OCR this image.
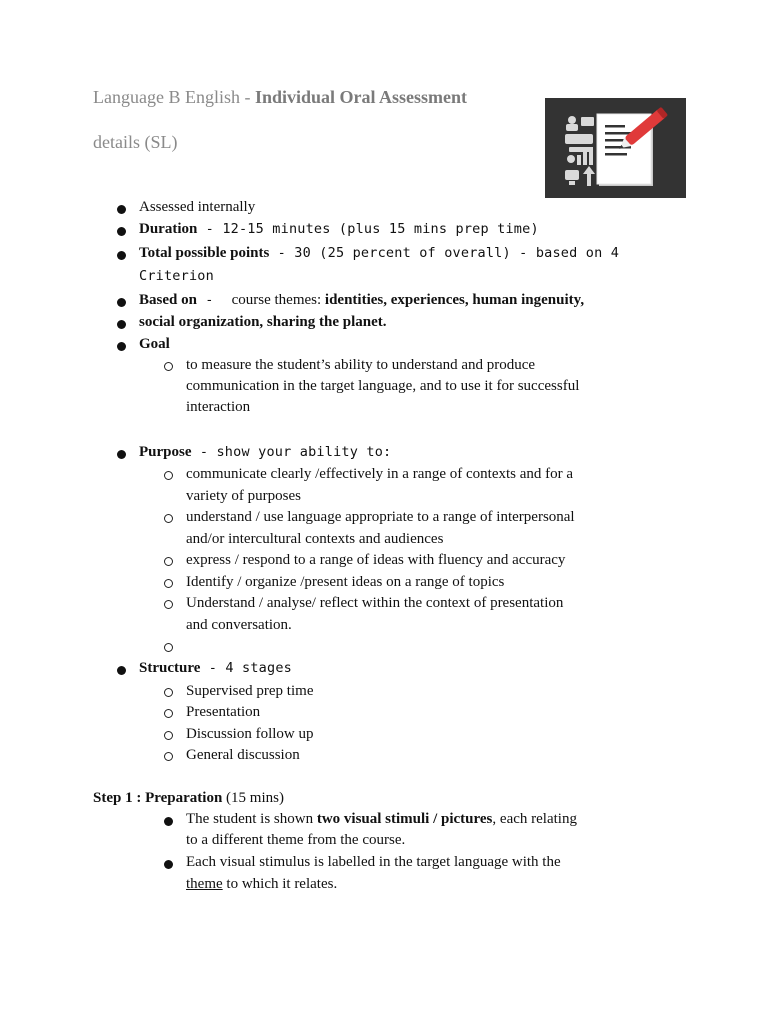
Language B English - Individual Oral Assessment
details (SL)
Assessed internally
Duration - 12-15 minutes (plus 15 mins prep time)
Total possible points - 30 (25 percent of overall) - based on 4
Criterion
Based on - course themes: identities, experiences, human ingenuity,
social organization, sharing the planet.
Goal
to measure the student’s ability to understand and produce
communication in the target language, and to use it for successful
interaction
Purpose - show your ability to:
communicate clearly /effectively in a range of contexts and for a
variety of purposes
understand / use language appropriate to a range of interpersonal
and/or intercultural contexts and audiences
express / respond to a range of ideas with fluency and accuracy
Identify / organize /present ideas on a range of topics
Understand / analyse/ reflect within the context of presentation
and conversation.
Structure - 4 stages
Supervised prep time
Presentation
Discussion follow up
General discussion
Step 1 : Preparation (15 mins)
The student is shown two visual stimuli / pictures, each relating
to a different theme from the course.
Each visual stimulus is labelled in the target language with the
theme to which it relates.
